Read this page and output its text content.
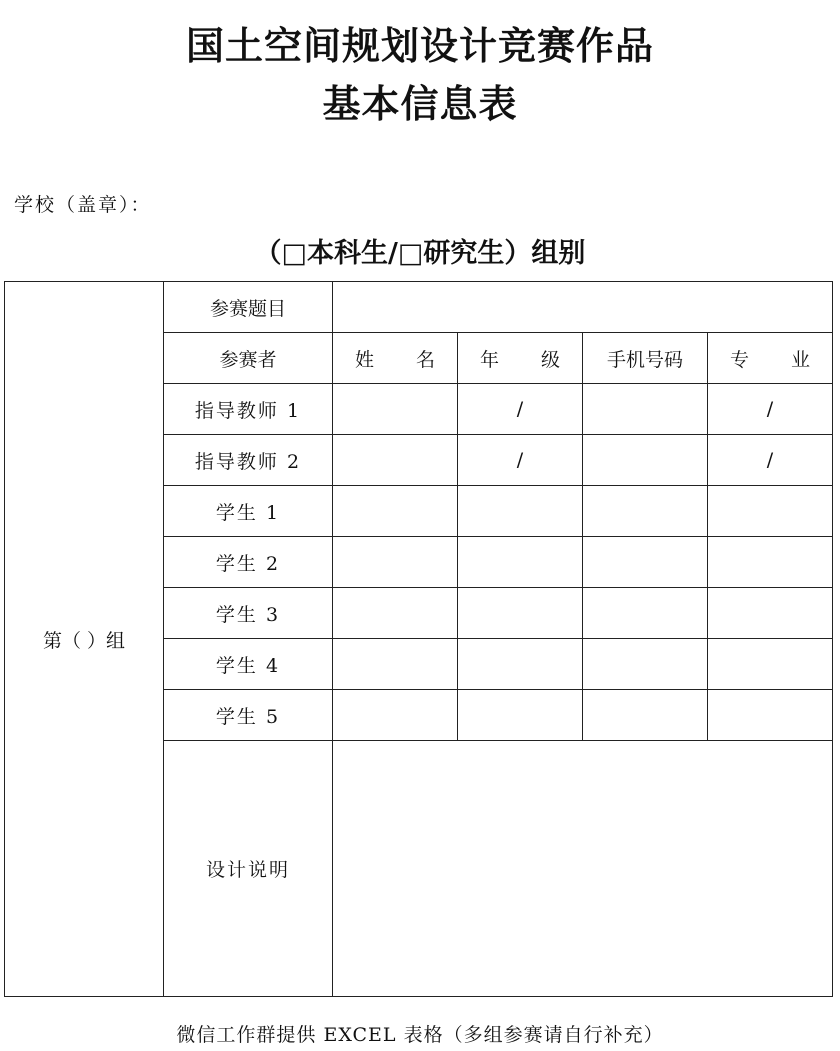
国土空间规划设计竞赛作品
基本信息表
学校（盖章）：
（□本科生/□研究生）组别
第（ ）组	参赛题目				
	参赛者	姓 名	年 级	手机号码	专 业

	指导教师 1		/		/
	指导教师 2		/		/
	学生 1				
	学生 2				
	学生 3				
	学生 4				
	学生 5				
	设计说明				
微信工作群提供 EXCEL 表格（多组参赛请自行补充）
